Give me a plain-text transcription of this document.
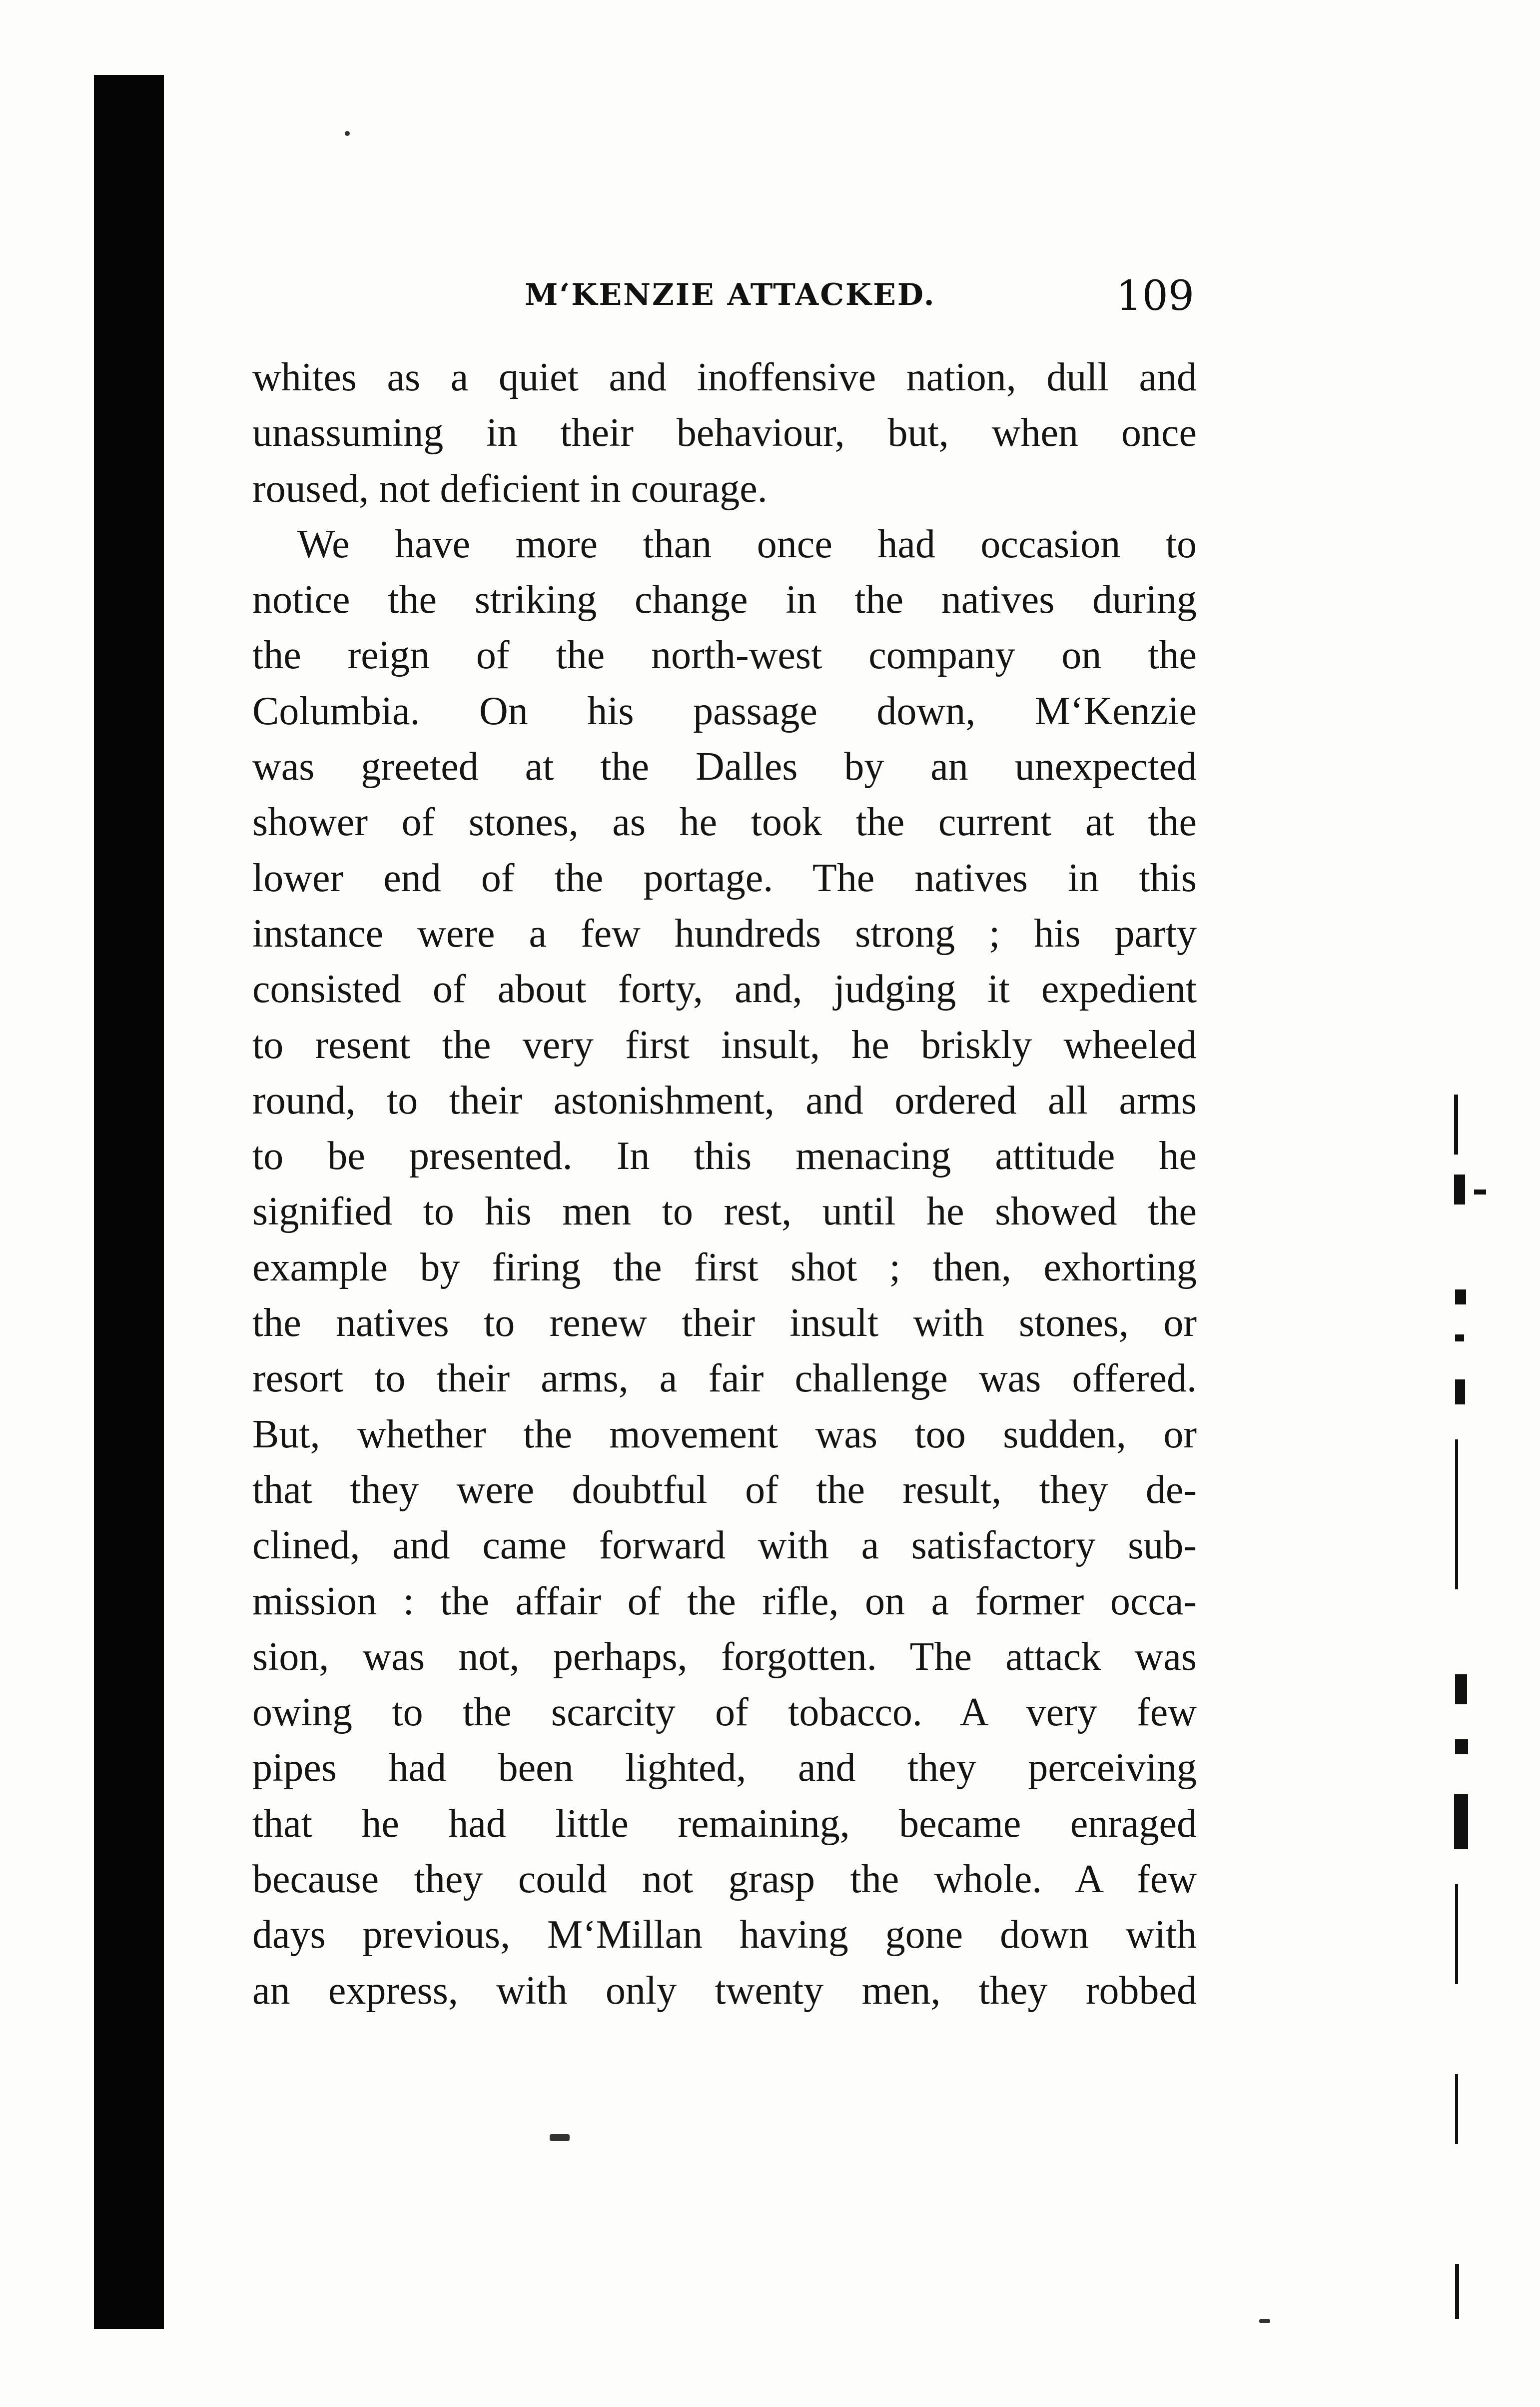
M‘KENZIE ATTACKED.	109
whites as a quiet and inoffensive nation, dull and
unassuming in their behaviour, but, when once
roused, not deficient in courage.
We have more than once had occasion to
notice the striking change in the natives during
the reign of the north-west company on the
Columbia. On his passage down, M‘Kenzie
was greeted at the Dalles by an unexpected
shower of stones, as he took the current at the
lower end of the portage. The natives in this
instance were a few hundreds strong ; his party
consisted of about forty, and, judging it expedient
to resent the very first insult, he briskly wheeled
round, to their astonishment, and ordered all arms
to be presented. In this menacing attitude he
signified to his men to rest, until he showed the
example by firing the first shot ; then, exhorting
the natives to renew their insult with stones, or
resort to their arms, a fair challenge was offered.
But, whether the movement was too sudden, or
that they were doubtful of the result, they de-
clined, and came forward with a satisfactory sub-
mission : the affair of the rifle, on a former occa-
sion, was not, perhaps, forgotten. The attack was
owing to the scarcity of tobacco. A very few
pipes had been lighted, and they perceiving
that he had little remaining, became enraged
because they could not grasp the whole. A few
days previous, M‘Millan having gone down with
an express, with only twenty men, they robbed
